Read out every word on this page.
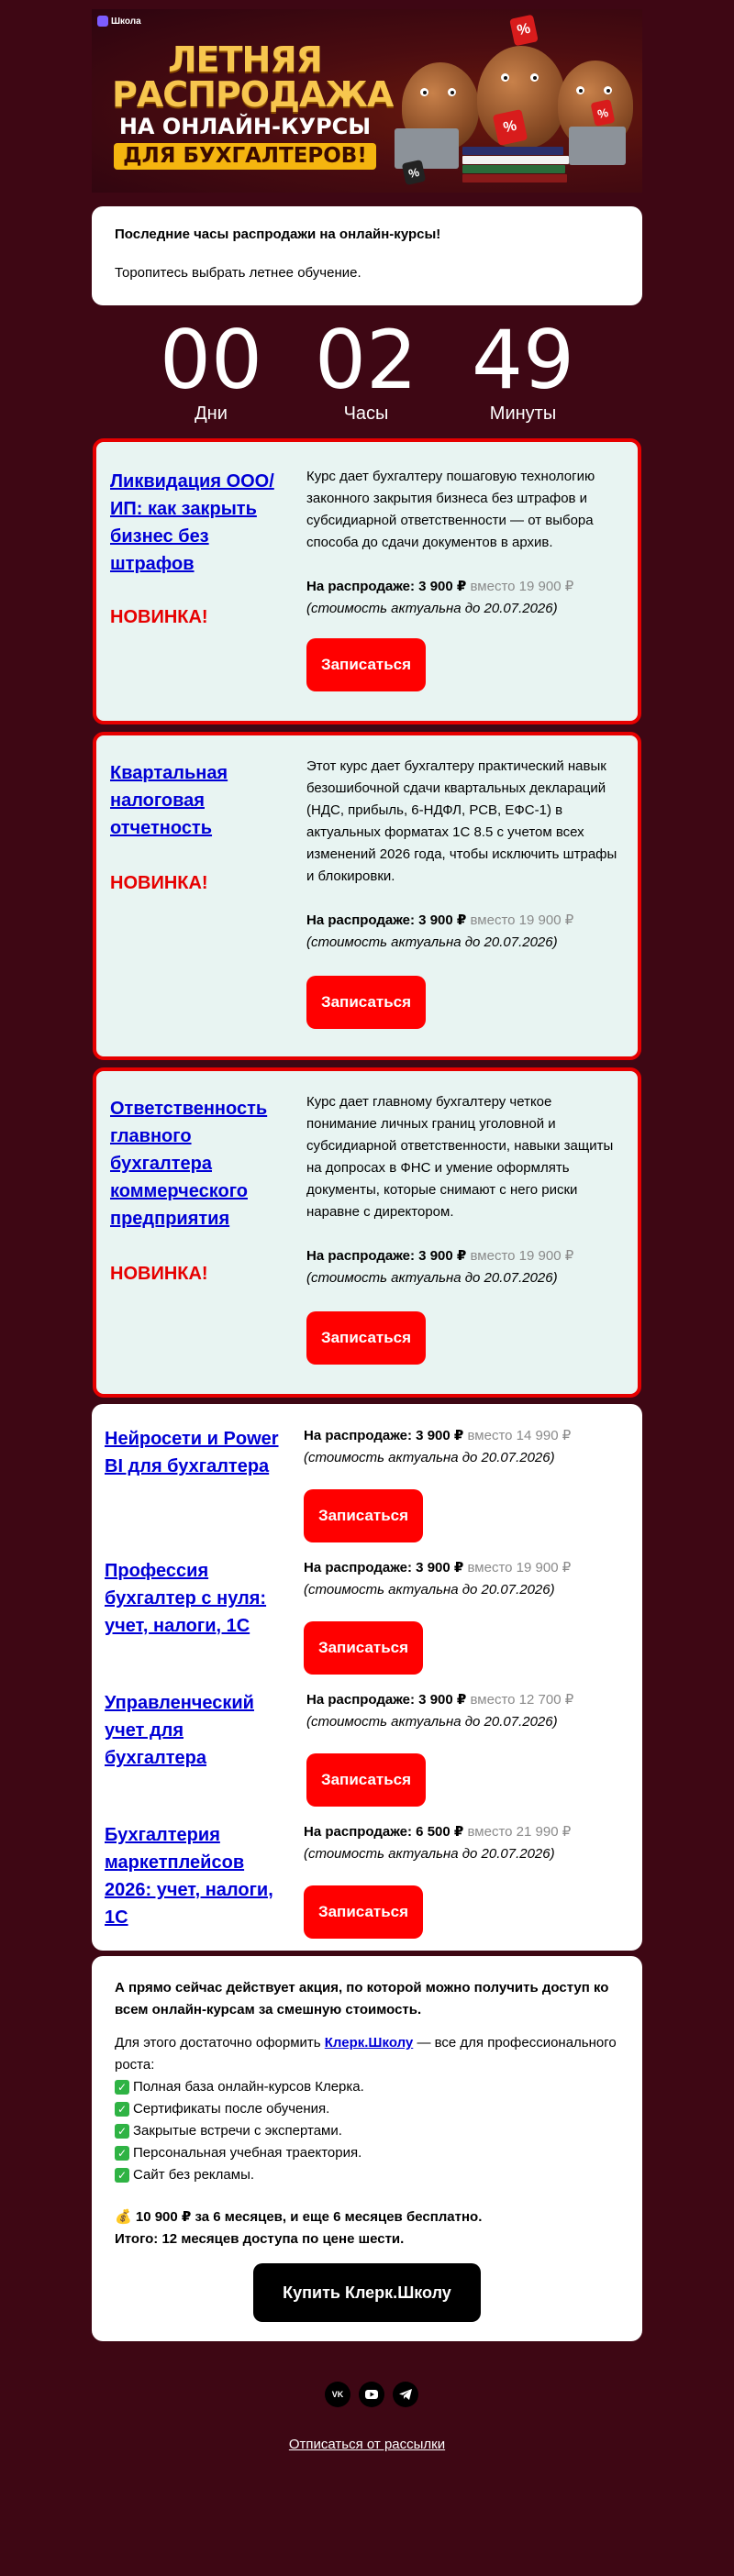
Школа
ЛЕТНЯЯ
РАСПРОДАЖА
НА ОНЛАЙН-КУРСЫ
ДЛЯ БУХГАЛТЕРОВ!
%
%
%
%
Последние часы распродажи на онлайн-курсы!
Торопитесь выбрать летнее обучение.
00
Дни
02
Часы
49
Минуты
Ликвидация ООО/ИП: как закрыть бизнес без штрафов
НОВИНКА!
Курс дает бухгалтеру пошаговую технологию законного закрытия бизнеса без штрафов и субсидиарной ответственности — от выбора способа до сдачи документов в архив.
На распродаже: 3 900 ₽ вместо 19 900 ₽
(стоимость актуальна до 20.07.2026)
Записаться
Квартальная налоговая отчетность
НОВИНКА!
Этот курс дает бухгалтеру практический навык безошибочной сдачи квартальных деклараций (НДС, прибыль, 6-НДФЛ, РСВ, ЕФС-1) в актуальных форматах 1С 8.5 с учетом всех изменений 2026 года, чтобы исключить штрафы и блокировки.
На распродаже: 3 900 ₽ вместо 19 900 ₽
(стоимость актуальна до 20.07.2026)
Записаться
Ответственность главного бухгалтера коммерческого предприятия
НОВИНКА!
Курс дает главному бухгалтеру четкое понимание личных границ уголовной и субсидиарной ответственности, навыки защиты на допросах в ФНС и умение оформлять документы, которые снимают с него риски наравне с директором.
На распродаже: 3 900 ₽ вместо 19 900 ₽
(стоимость актуальна до 20.07.2026)
Записаться
Нейросети и Power BI для бухгалтера
На распродаже: 3 900 ₽ вместо 14 990 ₽
(стоимость актуальна до 20.07.2026)
Записаться
Профессия бухгалтер с нуля: учет, налоги, 1С
На распродаже: 3 900 ₽ вместо 19 900 ₽
(стоимость актуальна до 20.07.2026)
Записаться
Управленческий учет для бухгалтера
На распродаже: 3 900 ₽ вместо 12 700 ₽
(стоимость актуальна до 20.07.2026)
Записаться
Бухгалтерия маркетплейсов 2026: учет, налоги, 1С
На распродаже: 6 500 ₽ вместо 21 990 ₽
(стоимость актуальна до 20.07.2026)
Записаться
А прямо сейчас действует акция, по которой можно получить доступ ко всем онлайн-курсам за смешную стоимость.
Для этого достаточно оформить Клерк.Школу — все для профессионального роста:
✓ Полная база онлайн-курсов Клерка.
✓ Сертификаты после обучения.
✓ Закрытые встречи с экспертами.
✓ Персональная учебная траектория.
✓ Сайт без рекламы.
💰 10 900 ₽ за 6 месяцев, и еще 6 месяцев бесплатно.
Итого: 12 месяцев доступа по цене шести.
Купить Клерк.Школу
VK
Отписаться от рассылки
